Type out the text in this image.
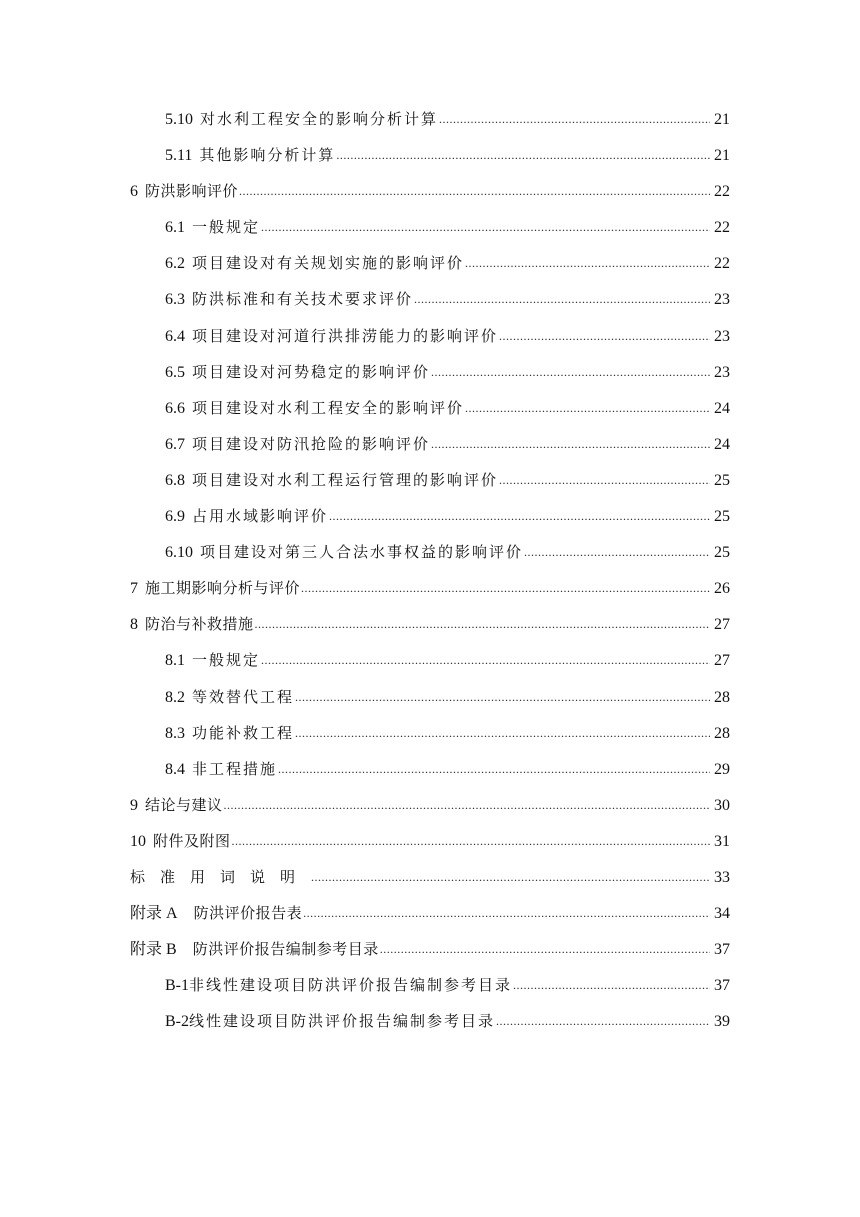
5.10 对水利工程安全的影响分析计算 .....	21
5.11 其他影响分析计算 .....	21
6 防洪影响评价 .....	22
6.1 一般规定 .....	22
6.2 项目建设对有关规划实施的影响评价 .....	22
6.3 防洪标准和有关技术要求评价 .....	23
6.4 项目建设对河道行洪排涝能力的影响评价 .....	23
6.5 项目建设对河势稳定的影响评价 .....	23
6.6 项目建设对水利工程安全的影响评价 .....	24
6.7 项目建设对防汛抢险的影响评价 .....	24
6.8 项目建设对水利工程运行管理的影响评价 .....	25
6.9 占用水域影响评价 .....	25
6.10 项目建设对第三人合法水事权益的影响评价 .....	25
7 施工期影响分析与评价 .....	26
8 防治与补救措施 .....	27
8.1 一般规定 .....	27
8.2 等效替代工程 .....	28
8.3 功能补救工程 .....	28
8.4 非工程措施 .....	29
9 结论与建议 .....	30
10 附件及附图 .....	31
标准用词说明 .....	33
附录 A 防洪评价报告表 .....	34
附录 B 防洪评价报告编制参考目录 .....	37
B-1 非线性建设项目防洪评价报告编制参考目录 .....	37
B-2 线性建设项目防洪评价报告编制参考目录 .....	39
